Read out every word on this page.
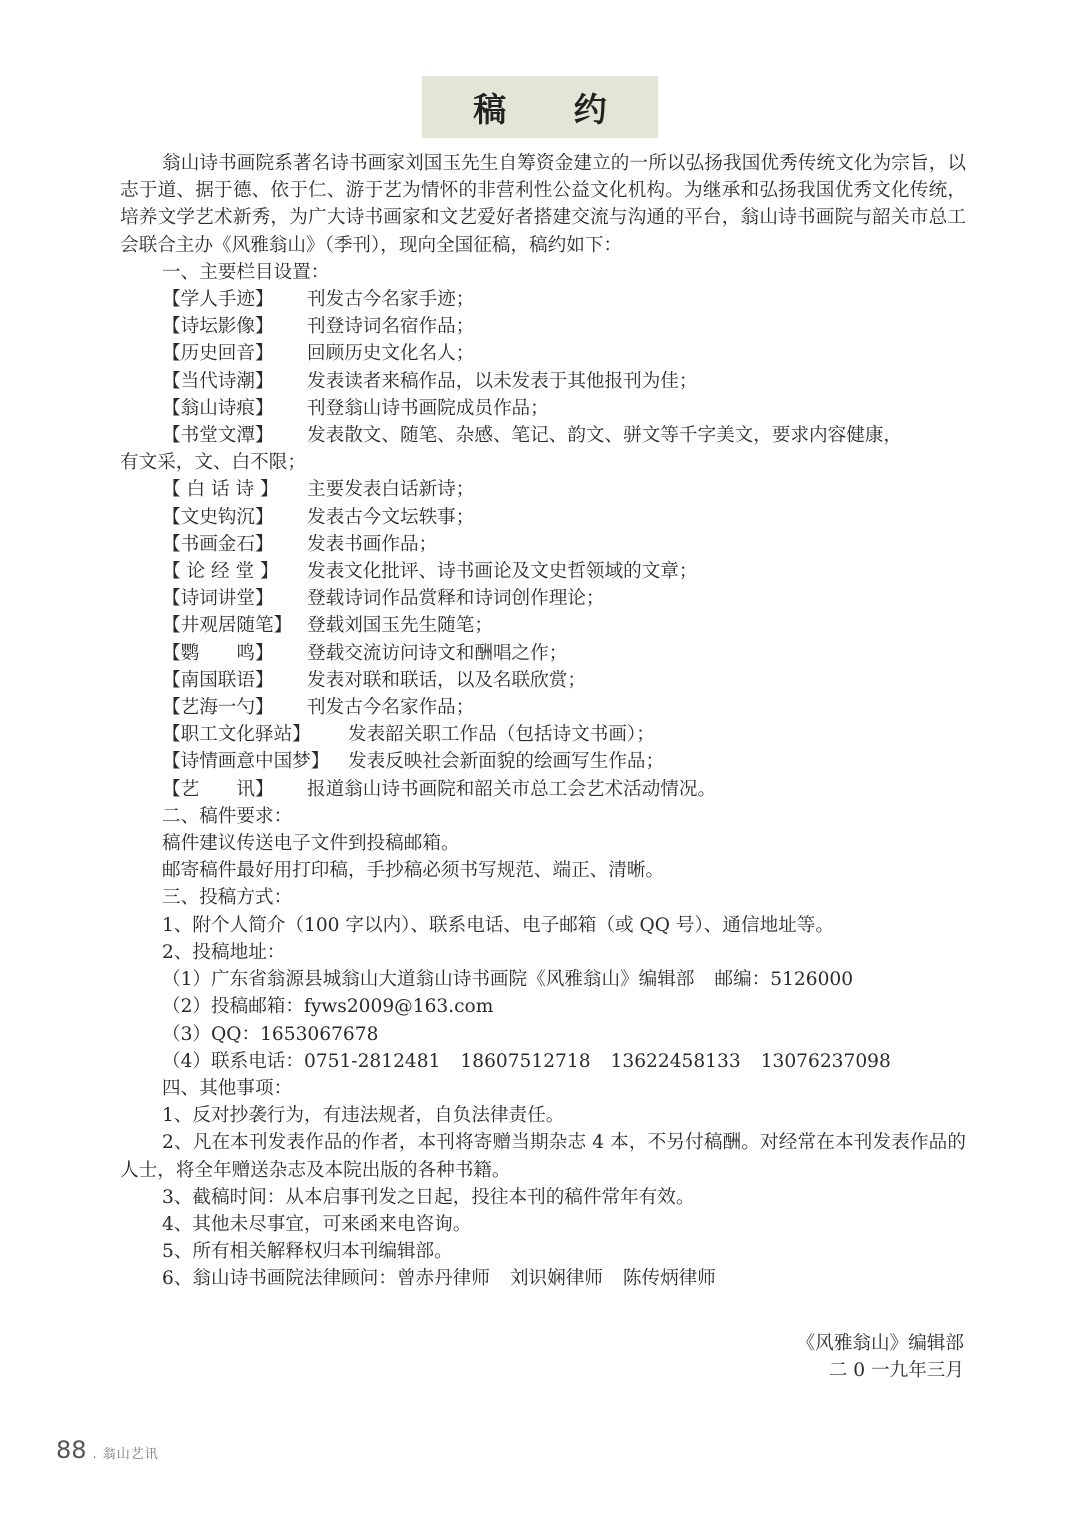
稿 约

翁山诗书画院系著名诗书画家刘国玉先生自筹资金建立的一所以弘扬我国优秀传统文化为宗旨，以志于道、据于德、依于仁、游于艺为情怀的非营利性公益文化机构。为继承和弘扬我国优秀文化传统，培养文学艺术新秀，为广大诗书画家和文艺爱好者搭建交流与沟通的平台，翁山诗书画院与韶关市总工会联合主办《风雅翁山》（季刊），现向全国征稿，稿约如下：

一、主要栏目设置：

【学人手迹】	刊发古今名家手迹；
【诗坛影像】	刊登诗词名宿作品；
【历史回音】	回顾历史文化名人；
【当代诗潮】	发表读者来稿作品，以未发表于其他报刊为佳；
【翁山诗痕】	刊登翁山诗书画院成员作品；
【书堂文潭】	发表散文、随笔、杂感、笔记、韵文、骈文等千字美文，要求内容健康，

有文采，文、白不限；

【 白 话 诗 】	主要发表白话新诗；
【文史钩沉】	发表古今文坛轶事；
【书画金石】	发表书画作品；
【 论 经 堂 】	发表文化批评、诗书画论及文史哲领域的文章；
【诗词讲堂】	登载诗词作品赏释和诗词创作理论；
【井观居随笔】 登载刘国玉先生随笔；
【鹦　　鸣】	登载交流访问诗文和酬唱之作；
【南国联语】	发表对联和联话，以及名联欣赏；
【艺海一勺】	刊发古今名家作品；
【职工文化驿站】	发表韶关职工作品（包括诗文书画）；
【诗情画意中国梦】	发表反映社会新面貌的绘画写生作品；
【艺　　讯】	报道翁山诗书画院和韶关市总工会艺术活动情况。

二、稿件要求：

稿件建议传送电子文件到投稿邮箱。

邮寄稿件最好用打印稿，手抄稿必须书写规范、端正、清晰。

三、投稿方式：

1、附个人简介（100 字以内）、联系电话、电子邮箱（或 QQ 号）、通信地址等。

2、投稿地址：

（1）广东省翁源县城翁山大道翁山诗书画院《风雅翁山》编辑部 邮编：5126000

（2）投稿邮箱：fyws2009@163.com

（3）QQ：1653067678

（4）联系电话：0751-2812481 18607512718 13622458133 13076237098

四、其他事项：

1、反对抄袭行为，有违法规者，自负法律责任。

2、凡在本刊发表作品的作者，本刊将寄赠当期杂志 4 本，不另付稿酬。对经常在本刊发表作品的人士，将全年赠送杂志及本院出版的各种书籍。

3、截稿时间：从本启事刊发之日起，投往本刊的稿件常年有效。

4、其他未尽事宜，可来函来电咨询。

5、所有相关解释权归本刊编辑部。

6、翁山诗书画院法律顾问：曾赤丹律师 刘识娴律师 陈传炳律师

《风雅翁山》编辑部
二 0 一九年三月
88 . 翁山艺讯
